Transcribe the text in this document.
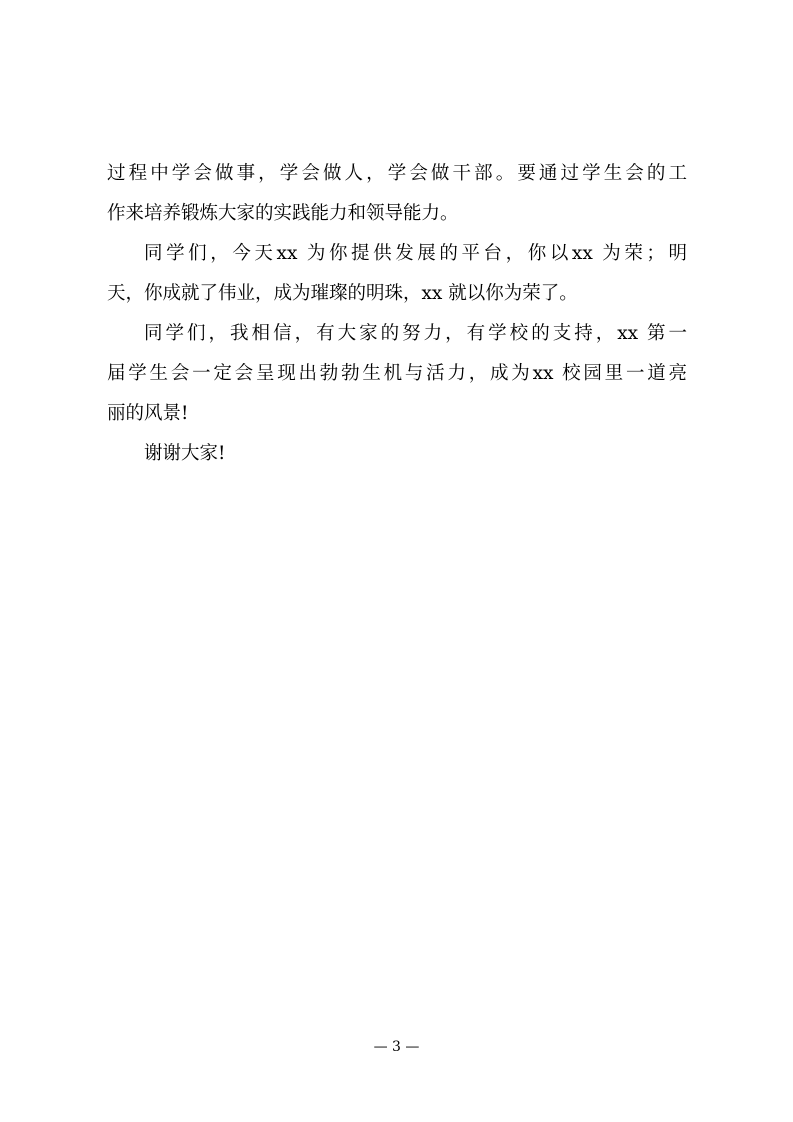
过程中学会做事，学会做人，学会做干部。要通过学生会的工
作来培养锻炼大家的实践能力和领导能力。
同学们，今天xx 为你提供发展的平台，你以xx 为荣；明
天，你成就了伟业，成为璀璨的明珠，xx 就以你为荣了。
同学们，我相信，有大家的努力，有学校的支持，xx 第一
届学生会一定会呈现出勃勃生机与活力，成为xx 校园里一道亮
丽的风景!
谢谢大家!
— 3 —
